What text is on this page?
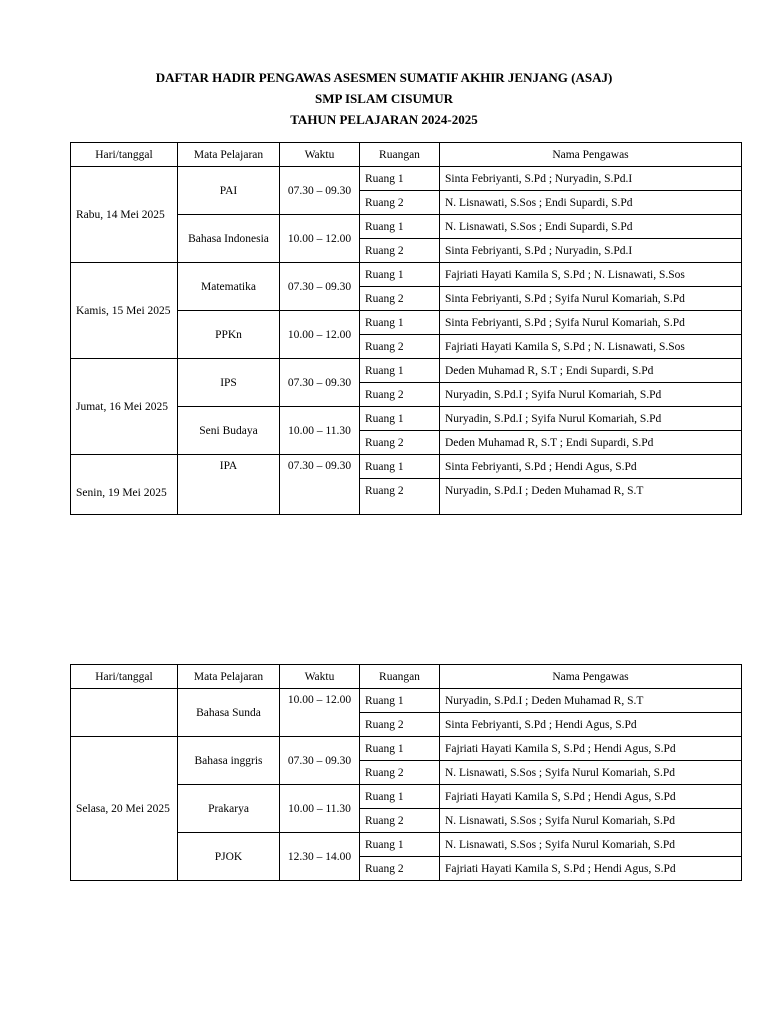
DAFTAR HADIR PENGAWAS ASESMEN SUMATIF AKHIR JENJANG (ASAJ)
SMP ISLAM CISUMUR
TAHUN PELAJARAN 2024-2025
Hari/tanggal	Mata Pelajaran	Waktu	Ruangan	Nama Pengawas
Rabu, 14 Mei 2025	PAI	07.30 – 09.30	Ruang 1	Sinta Febriyanti, S.Pd ; Nuryadin, S.Pd.I
			Ruang 2	N. Lisnawati, S.Sos ; Endi Supardi, S.Pd
	Bahasa Indonesia	10.00 – 12.00	Ruang 1	N. Lisnawati, S.Sos ; Endi Supardi, S.Pd
			Ruang 2	Sinta Febriyanti, S.Pd ; Nuryadin, S.Pd.I
Kamis, 15 Mei 2025	Matematika	07.30 – 09.30	Ruang 1	Fajriati Hayati Kamila S, S.Pd ; N. Lisnawati, S.Sos
			Ruang 2	Sinta Febriyanti, S.Pd ; Syifa Nurul Komariah, S.Pd
	PPKn	10.00 – 12.00	Ruang 1	Sinta Febriyanti, S.Pd ; Syifa Nurul Komariah, S.Pd
			Ruang 2	Fajriati Hayati Kamila S, S.Pd ; N. Lisnawati, S.Sos
Jumat, 16 Mei 2025	IPS	07.30 – 09.30	Ruang 1	Deden Muhamad R, S.T ; Endi Supardi, S.Pd
			Ruang 2	Nuryadin, S.Pd.I ; Syifa Nurul Komariah, S.Pd
	Seni Budaya	10.00 – 11.30	Ruang 1	Nuryadin, S.Pd.I ; Syifa Nurul Komariah, S.Pd
			Ruang 2	Deden Muhamad R, S.T ; Endi Supardi, S.Pd
Senin, 19 Mei 2025	IPA	07.30 – 09.30	Ruang 1	Sinta Febriyanti, S.Pd ; Hendi Agus, S.Pd
			Ruang 2	Nuryadin, S.Pd.I ; Deden Muhamad R, S.T

Hari/tanggal	Mata Pelajaran	Waktu	Ruangan	Nama Pengawas
	Bahasa Sunda	10.00 – 12.00	Ruang 1	Nuryadin, S.Pd.I ; Deden Muhamad R, S.T
			Ruang 2	Sinta Febriyanti, S.Pd ; Hendi Agus, S.Pd
Selasa, 20 Mei 2025	Bahasa inggris	07.30 – 09.30	Ruang 1	Fajriati Hayati Kamila S, S.Pd ; Hendi Agus, S.Pd
			Ruang 2	N. Lisnawati, S.Sos ; Syifa Nurul Komariah, S.Pd
	Prakarya	10.00 – 11.30	Ruang 1	Fajriati Hayati Kamila S, S.Pd ; Hendi Agus, S.Pd
			Ruang 2	N. Lisnawati, S.Sos ; Syifa Nurul Komariah, S.Pd
	PJOK	12.30 – 14.00	Ruang 1	N. Lisnawati, S.Sos ; Syifa Nurul Komariah, S.Pd
			Ruang 2	Fajriati Hayati Kamila S, S.Pd ; Hendi Agus, S.Pd
